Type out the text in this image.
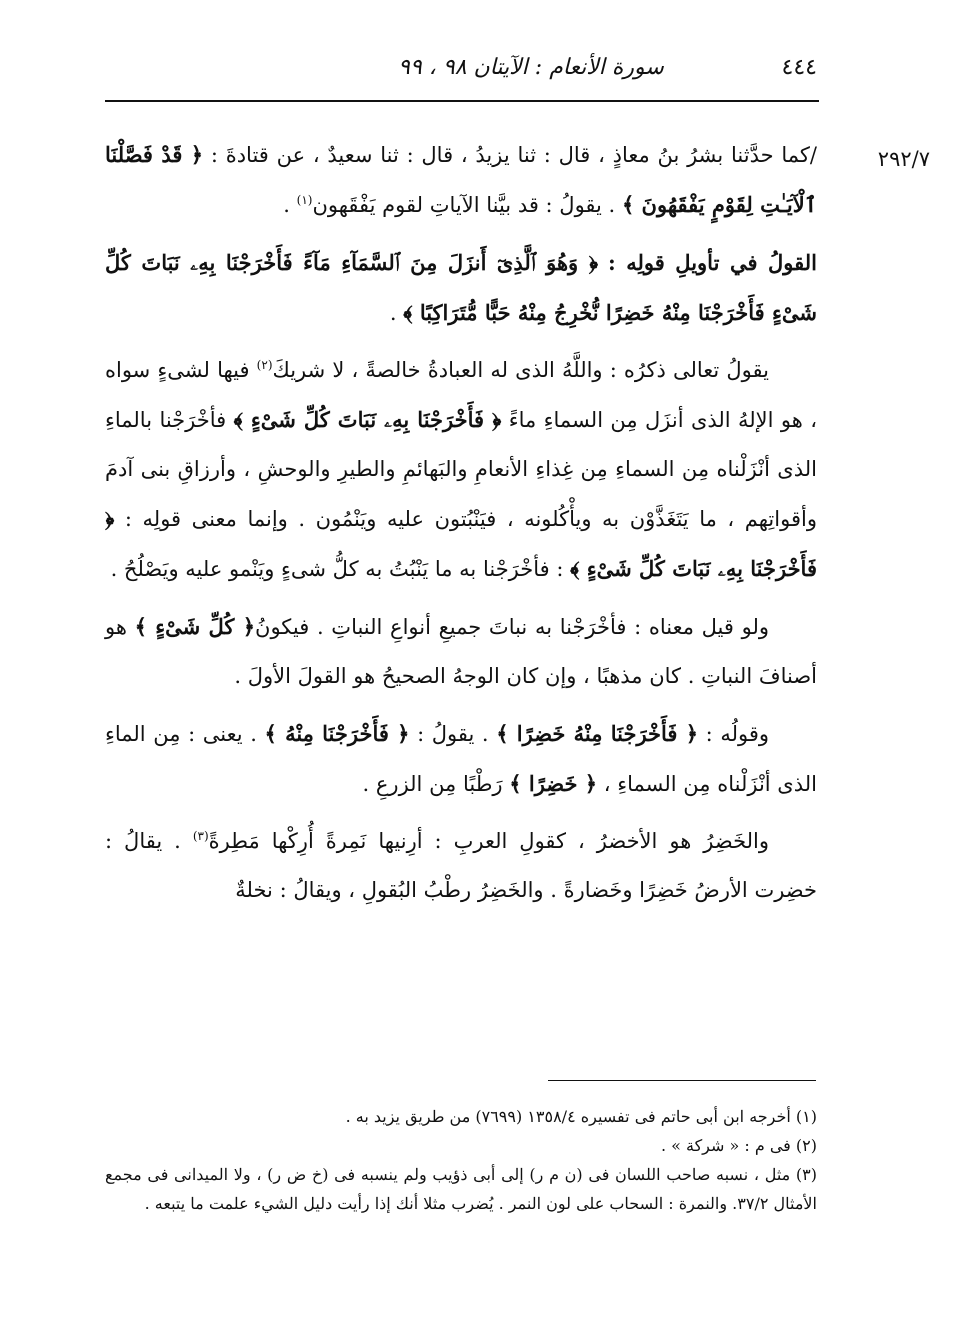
٤٤٤
سورة الأنعام : الآيتان ٩٨ ، ٩٩
٢٩٢/٧

/كما حدَّثنا بشرُ بنُ معاذٍ ، قال : ثنا يزيدُ ، قال : ثنا سعيدٌ ، عن قتادةَ : ﴿ قَدْ فَصَّلْنَا ٱلْآيَـٰتِ لِقَوْمٍ يَفْقَهُونَ ﴾ . يقولُ : قد بيَّنا الآياتِ لقوم يَفْقَهون$^{(١)}$ .

القولُ في تأويلِ قولِه : ﴿ وَهُوَ ٱلَّذِىٓ أَنزَلَ مِنَ ٱلسَّمَآءِ مَآءً فَأَخْرَجْنَا بِهِۦ نَبَاتَ كُلِّ شَىْءٍ فَأَخْرَجْنَا مِنْهُ خَضِرًا نُّخْرِجُ مِنْهُ حَبًّا مُّتَرَاكِبًا ﴾ .

يقولُ تعالى ذكرُه : واللَّهُ الذى له العبادةُ خالصةً ، لا شريكَ$^{(٢)}$ فيها لشىءٍ سواه ، هو الإلهُ الذى أنزَل مِن السماءِ ماءً ﴿ فَأَخْرَجْنَا بِهِۦ نَبَاتَ كُلِّ شَىْءٍ ﴾ فأخْرَجْنا بالماءِ الذى أنْزَلْناه مِن السماءِ مِن غِذاءِ الأنعامِ والبَهائمِ والطيرِ والوحشِ ، وأرزاقِ بنى آدمَ وأقواتِهم ، ما يَتَغَذَّوْن به ويأْكُلونه ، فيَنْبُتون عليه ويَنْمُون . وإنما معنى قولِه : ﴿ فَأَخْرَجْنَا بِهِۦ نَبَاتَ كُلِّ شَىْءٍ ﴾ : فأخْرَجْنا به ما يَنْبُتُ به كلُّ شىءٍ ويَنْمو عليه ويَصْلُحُ .

ولو قيل معناه : فأخْرَجْنا به نباتَ جميعِ أنواعِ النباتِ . فيكونُ﴿ كُلِّ شَىْءٍ ﴾ هو أصنافَ النباتِ . كان مذهبًا ، وإن كان الوجهُ الصحيحُ هو القولَ الأولَ .

وقولُه : ﴿ فَأَخْرَجْنَا مِنْهُ خَضِرًا ﴾ . يقولُ : ﴿ فَأَخْرَجْنَا مِنْهُ ﴾ . يعنى : مِن الماءِ الذى أنْزَلْناه مِن السماءِ ، ﴿ خَضِرًا ﴾ رَطْبًا مِن الزرعِ .

والخَضِرُ هو الأخضرُ ، كقولِ العربِ : أرِنيها نَمِرةً أُرِكْها مَطِرةً$^{(٣)}$ . يقالُ : خضِرت الأرضُ خَضِرًا وخَضارةً . والخَضِرُ رطْبُ البُقولِ ، ويقالُ : نخلةٌ

(١) أخرجه ابن أبى حاتم فى تفسيره ١٣٥٨/٤ (٧٦٩٩) من طريق يزيد به .

(٢) فى م : « شركة » .

(٣) مثل ، نسبه صاحب اللسان فى (ن م ر) إلى أبى ذؤيب ولم ينسبه فى (خ ض ر) ، ولا الميدانى فى مجمع الأمثال ٣٧/٢. والنمرة : السحاب على لون النمر . يُضرب مثلا أنك إذا رأيت دليل الشيء علمت ما يتبعه .
